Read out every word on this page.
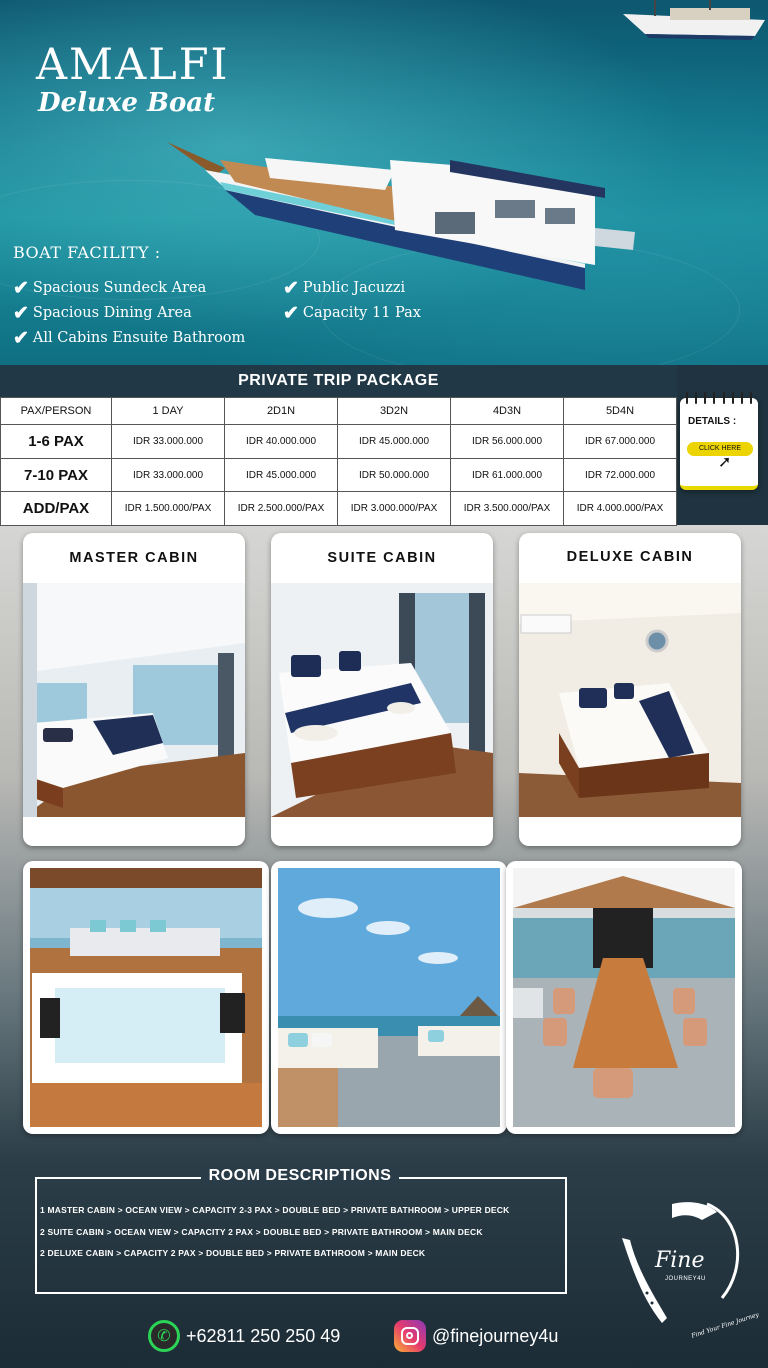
AMALFI
Deluxe Boat
BOAT FACILITY :
✔ Spacious Sundeck Area
✔ Spacious Dining Area
✔ All Cabins Ensuite Bathroom
✔ Public Jacuzzi
✔ Capacity 11 Pax
PRIVATE TRIP PACKAGE
PAX/PERSON	1 DAY	2D1N	3D2N	4D3N	5D4N
1-6 PAX	IDR 33.000.000	IDR 40.000.000	IDR 45.000.000	IDR 56.000.000	IDR 67.000.000
7-10 PAX	IDR 33.000.000	IDR 45.000.000	IDR 50.000.000	IDR 61.000.000	IDR 72.000.000
ADD/PAX	IDR 1.500.000/PAX	IDR 2.500.000/PAX	IDR 3.000.000/PAX	IDR 3.500.000/PAX	IDR 4.000.000/PAX
DETAILS :
CLICK HERE
➚
MASTER CABIN	SUITE CABIN	DELUXE CABIN
ROOM DESCRIPTIONS
1 MASTER CABIN > OCEAN VIEW > CAPACITY 2-3 PAX > DOUBLE BED > PRIVATE BATHROOM > UPPER DECK
2 SUITE CABIN > OCEAN VIEW > CAPACITY 2 PAX > DOUBLE BED > PRIVATE BATHROOM > MAIN DECK
2 DELUXE CABIN > CAPACITY 2 PAX > DOUBLE BED > PRIVATE BATHROOM > MAIN DECK	Fine
JOURNEY4U
Find Your Fine Journey
✆ +62811 250 250 49	@finejourney4u
